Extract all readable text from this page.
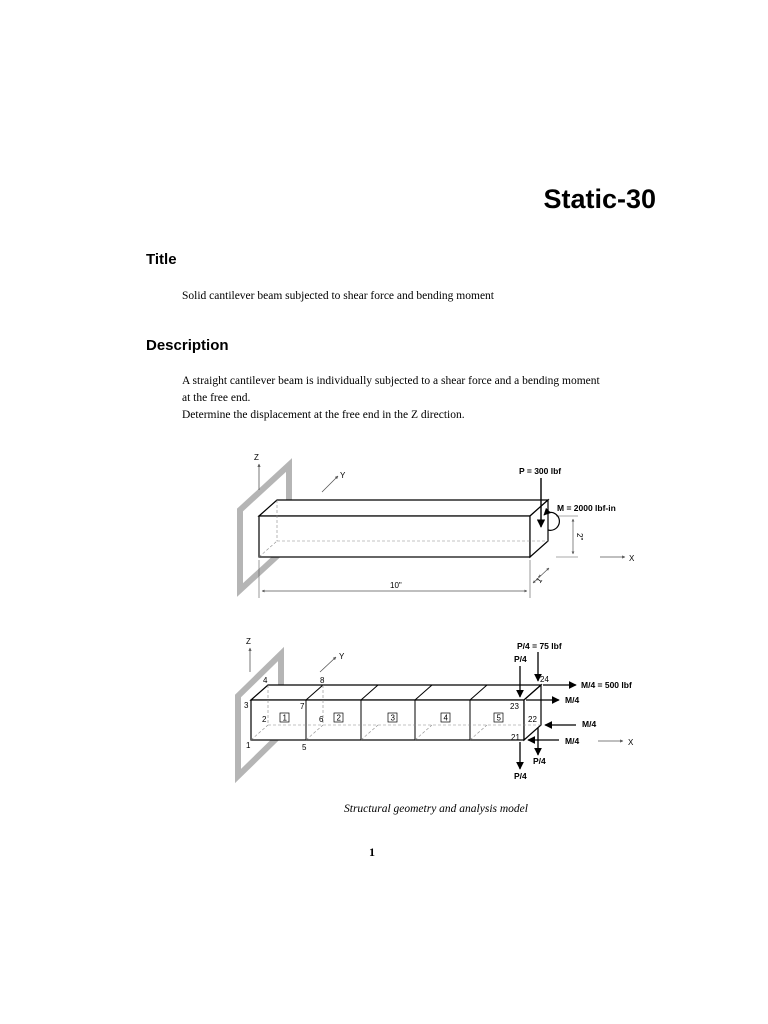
Static-30
Title
Solid cantilever beam subjected to shear force and bending moment
Description
A straight cantilever beam is individually subjected to a shear force and a bending moment
at the free end.
Determine the displacement at the free end in the Z direction.
Z
Y
10"
1"
2"
X
P = 300 lbf
M = 2000 lbf-in
Z
Y
1	2	3	4	5
1
2
3
4
5
6
7
8
21
22
23
24
P/4 = 75 lbf
P/4
P/4
P/4
M/4 = 500 lbf
M/4
M/4
M/4	X
Structural geometry and analysis model
1
